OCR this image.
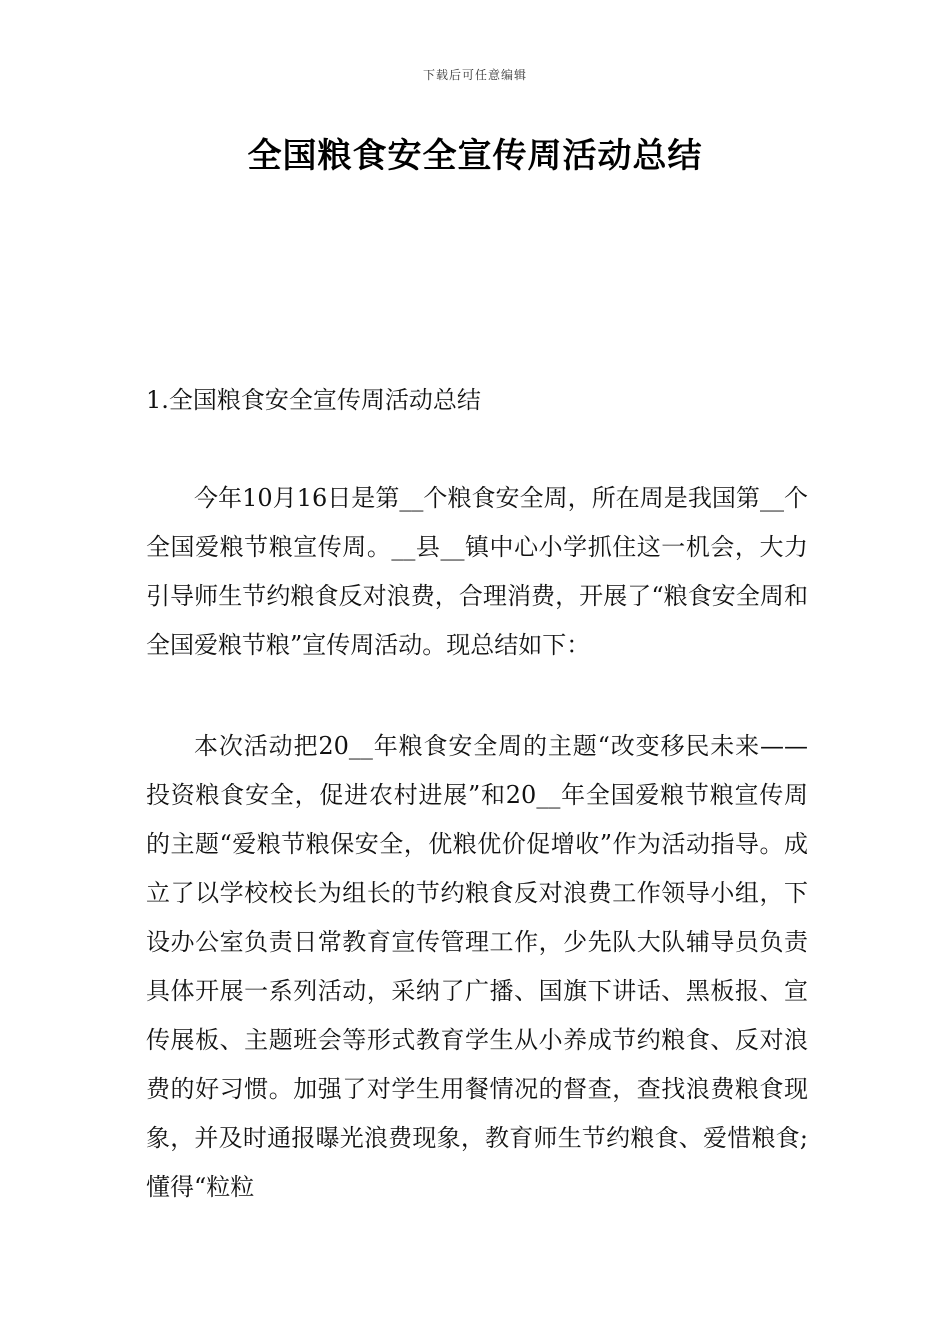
下载后可任意编辑
全国粮食安全宣传周活动总结
1.全国粮食安全宣传周活动总结

今年10月16日是第__个粮食安全周，所在周是我国第__个全国爱粮节粮宣传周。__县__镇中心小学抓住这一机会，大力引导师生节约粮食反对浪费，合理消费，开展了“粮食安全周和全国爱粮节粮”宣传周活动。现总结如下：

本次活动把20__年粮食安全周的主题“改变移民未来——投资粮食安全，促进农村进展”和20__年全国爱粮节粮宣传周的主题“爱粮节粮保安全，优粮优价促增收”作为活动指导。成立了以学校校长为组长的节约粮食反对浪费工作领导小组，下设办公室负责日常教育宣传管理工作，少先队大队辅导员负责具体开展一系列活动，采纳了广播、国旗下讲话、黑板报、宣传展板、主题班会等形式教育学生从小养成节约粮食、反对浪费的好习惯。加强了对学生用餐情况的督查，查找浪费粮食现象，并及时通报曝光浪费现象，教育师生节约粮食、爱惜粮食;懂得“粒粒
